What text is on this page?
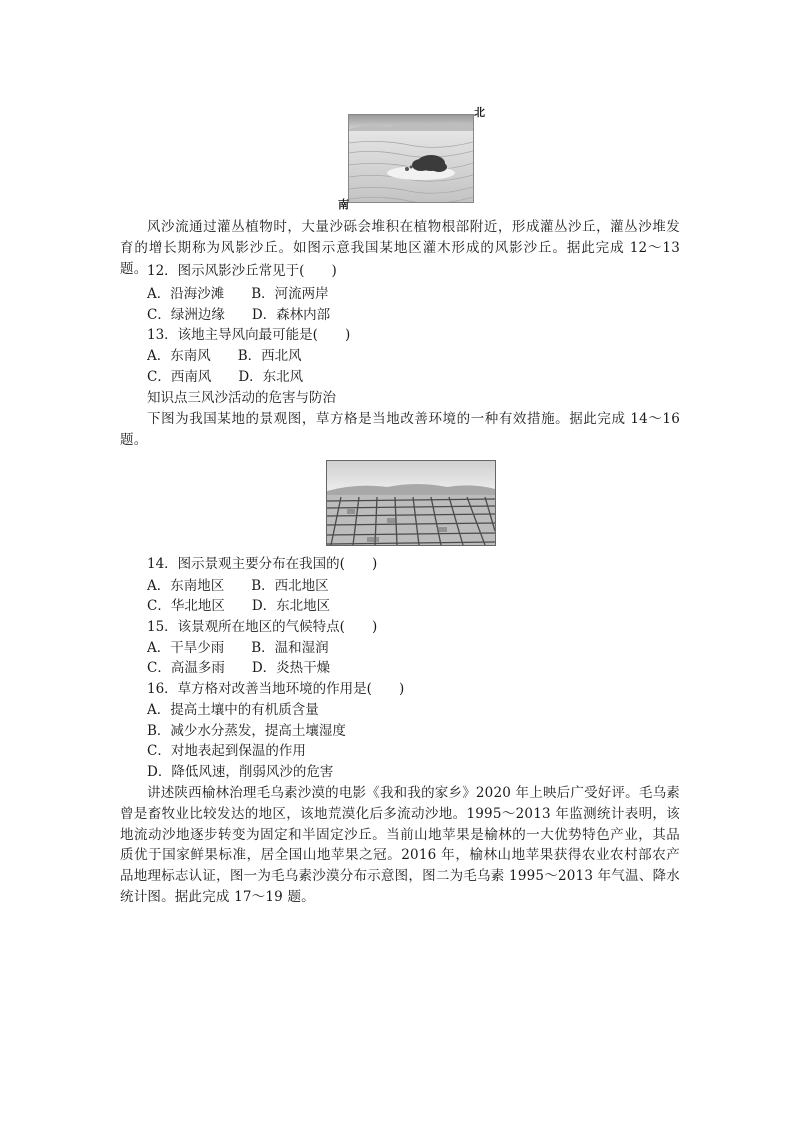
北
南
风沙流通过灌丛植物时，大量沙砾会堆积在植物根部附近，形成灌丛沙丘，灌丛沙堆发育的增长期称为风影沙丘。如图示意我国某地区灌木形成的风影沙丘。据此完成 12～13 题。 12．图示风影沙丘常见于(　　)
A．沿海沙滩　　B．河流两岸
C．绿洲边缘　　D．森林内部
13．该地主导风向最可能是(　　)
A．东南风　　B．西北风
C．西南风　　D．东北风
知识点三风沙活动的危害与防治
下图为我国某地的景观图，草方格是当地改善环境的一种有效措施。据此完成 14～16 题。
14．图示景观主要分布在我国的(　　)
A．东南地区　　B．西北地区
C．华北地区　　D．东北地区
15．该景观所在地区的气候特点(　　)
A．干旱少雨　　B．温和湿润
C．高温多雨　　D．炎热干燥
16．草方格对改善当地环境的作用是(　　)
A．提高土壤中的有机质含量
B．减少水分蒸发，提高土壤湿度
C．对地表起到保温的作用
D．降低风速，削弱风沙的危害
讲述陕西榆林治理毛乌素沙漠的电影《我和我的家乡》2020 年上映后广受好评。毛乌素曾是畜牧业比较发达的地区，该地荒漠化后多流动沙地。1995～2013 年监测统计表明，该地流动沙地逐步转变为固定和半固定沙丘。当前山地苹果是榆林的一大优势特色产业，其品质优于国家鲜果标准，居全国山地苹果之冠。2016 年，榆林山地苹果获得农业农村部农产品地理标志认证，图一为毛乌素沙漠分布示意图，图二为毛乌素 1995～2013 年气温、降水统计图。据此完成 17～19 题。
